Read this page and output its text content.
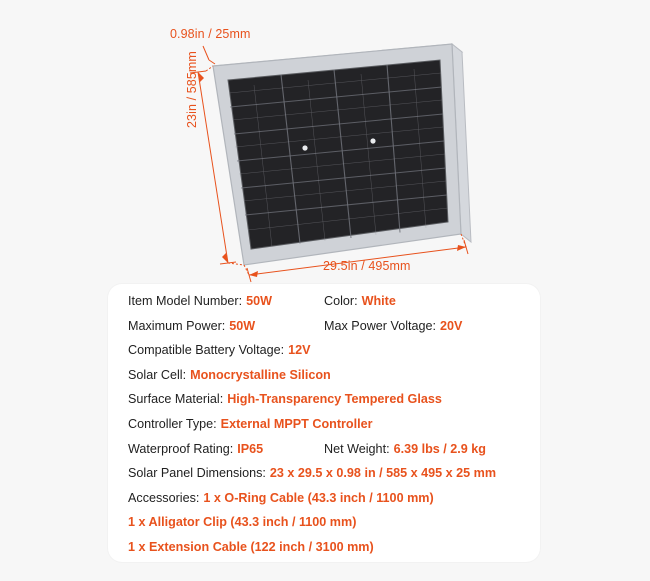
0.98in / 25mm
23in / 585mm
29.5in / 495mm
Item Model Number: 50W	Color: White
Maximum Power: 50W	Max Power Voltage: 20V
Compatible Battery Voltage: 12V
Solar Cell: Monocrystalline Silicon
Surface Material: High-Transparency Tempered Glass
Controller Type: External MPPT Controller
Waterproof Rating: IP65	Net Weight: 6.39 lbs / 2.9 kg
Solar Panel Dimensions: 23 x 29.5 x 0.98 in / 585 x 495 x 25 mm
Accessories: 1 x O-Ring Cable (43.3 inch / 1100 mm)
1 x Alligator Clip (43.3 inch / 1100 mm)
1 x Extension Cable (122 inch / 3100 mm)
